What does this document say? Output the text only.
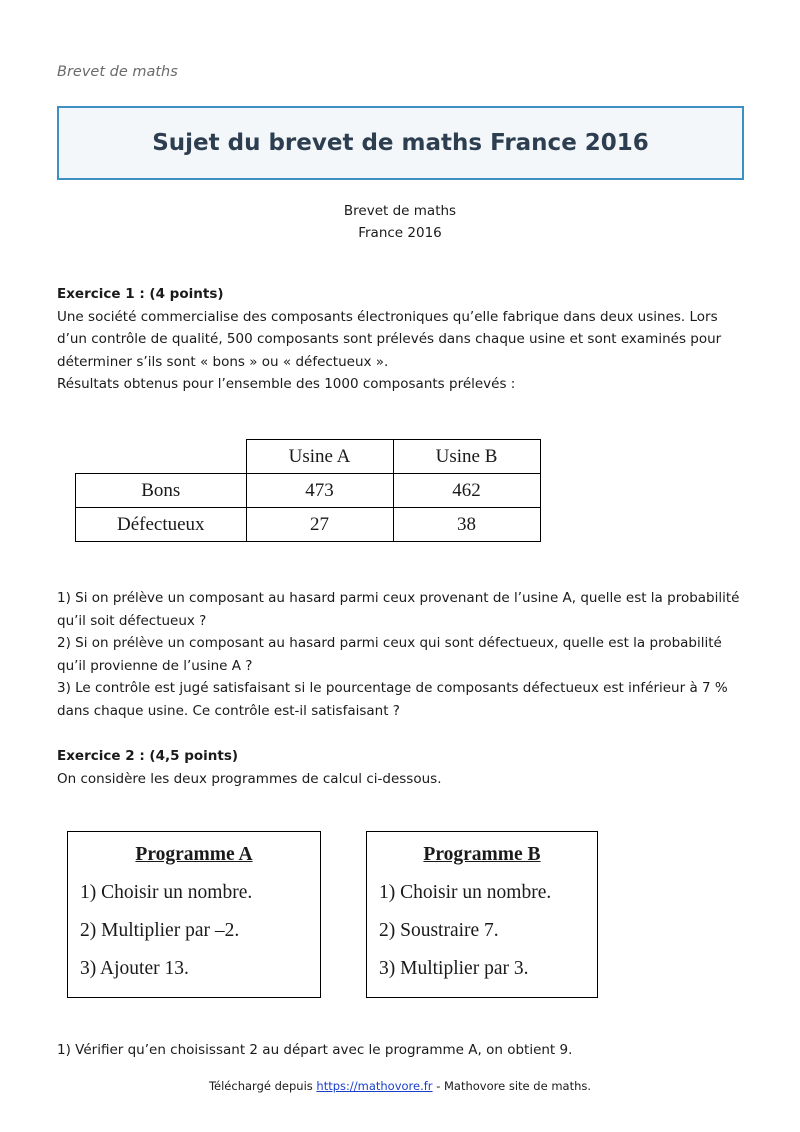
Brevet de maths
Sujet du brevet de maths France 2016
Brevet de maths
France 2016

Exercice 1 : (4 points)

Une société commercialise des composants électroniques qu’elle fabrique dans deux usines. Lors d’un contrôle de qualité, 500 composants sont prélevés dans chaque usine et sont examinés pour déterminer s’ils sont « bons » ou « défectueux ».

Résultats obtenus pour l’ensemble des 1000 composants prélevés :

	Usine A	Usine B
Bons	473	462
Défectueux	27	38

1) Si on prélève un composant au hasard parmi ceux provenant de l’usine A, quelle est la probabilité qu’il soit défectueux ?

2) Si on prélève un composant au hasard parmi ceux qui sont défectueux, quelle est la probabilité qu’il provienne de l’usine A ?

3) Le contrôle est jugé satisfaisant si le pourcentage de composants défectueux est inférieur à 7 % dans chaque usine. Ce contrôle est-il satisfaisant ?

Exercice 2 : (4,5 points)

On considère les deux programmes de calcul ci-dessous.

Programme A
1) Choisir un nombre.
2) Multiplier par –2.
3) Ajouter 13.
Programme B
1) Choisir un nombre.
2) Soustraire 7.
3) Multiplier par 3.

1) Vérifier qu’en choisissant 2 au départ avec le programme A, on obtient 9.

Téléchargé depuis https://mathovore.fr - Mathovore site de maths.
